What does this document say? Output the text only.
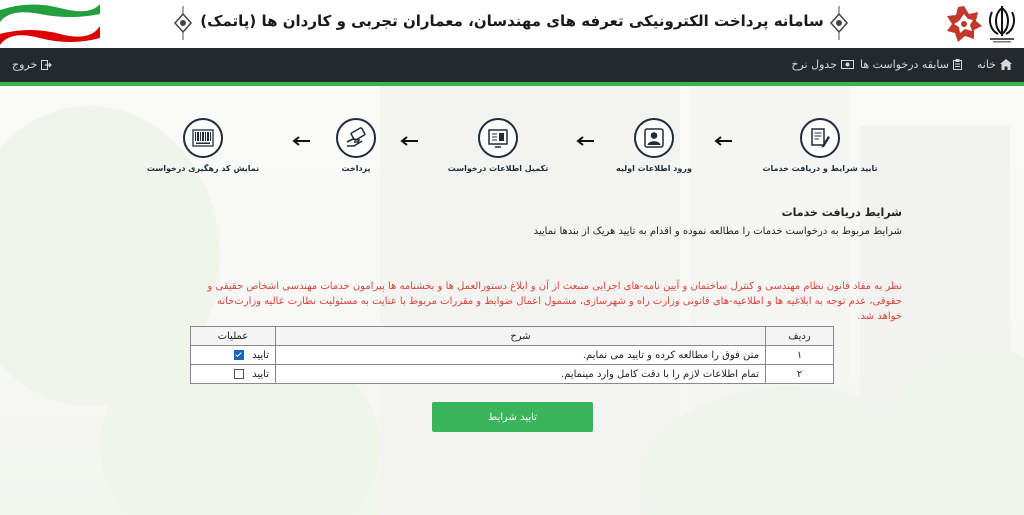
سامانه پرداخت الکترونیکی تعرفه های مهندسان، معماران تجربی و کاردان ها (پاتمک)
خانه
سابقه درخواست ها
جدول نرخ
خروج
تایید شرایط و دریافت خدمات
ورود اطلاعات اولیه
تکمیل اطلاعات درخواست
پرداخت
نمایش کد رهگیری درخواست
شرایط دریافت خدمات
شرایط مربوط به درخواست خدمات را مطالعه نموده و اقدام به تایید هریک از بندها نمایید
نظر به مفاد قانون نظام مهندسی و کنترل ساختمان و آیین نامه-های اجرایی منبعث از آن و ابلاغ دستورالعمل ها و بخشنامه ها پیرامون خدمات مهندسی اشخاص حقیقی و حقوقی، عدم توجه به ابلاغیه ها و اطلاعیه-های قانونی وزارت راه و شهرسازی، مشمول اعمال ضوابط و مقررات مربوط با عنایت به مسئولیت نظارت عالیه وزارت‌خانه خواهد شد.
ردیف	شرح	عملیات
۱	متن فوق را مطالعه کرده و تایید می نمایم.	تایید

۲	تمام اطلاعات لازم را با دقت کامل وارد مینمایم.	تایید
تایید شرایط
